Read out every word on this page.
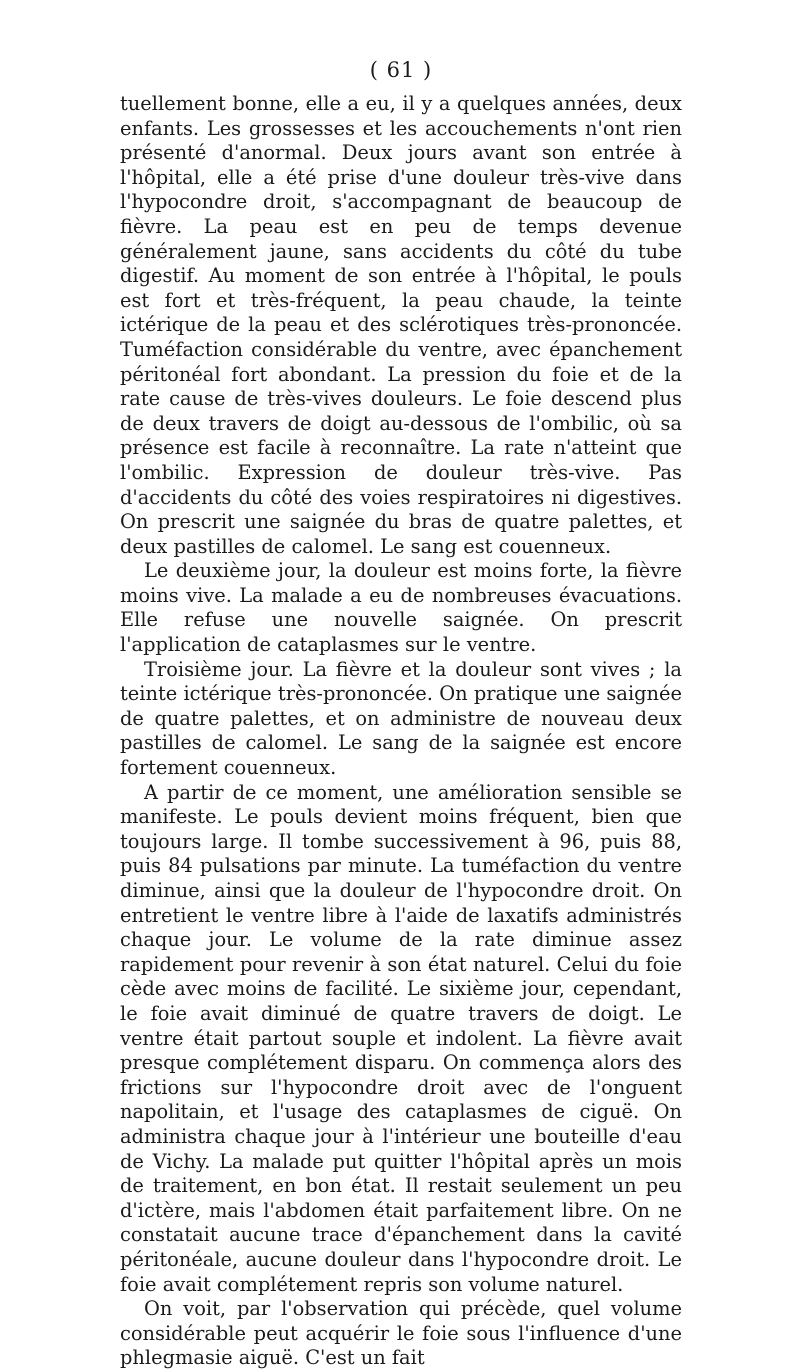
( 61 )

tuellement bonne, elle a eu, il y a quelques années, deux enfants. Les grossesses et les accouchements n'ont rien présenté d'anormal. Deux jours avant son entrée à l'hôpital, elle a été prise d'une douleur très-vive dans l'hypocondre droit, s'accompagnant de beaucoup de fièvre. La peau est en peu de temps devenue généralement jaune, sans accidents du côté du tube digestif. Au moment de son entrée à l'hôpital, le pouls est fort et très-fréquent, la peau chaude, la teinte ictérique de la peau et des sclérotiques très-prononcée. Tuméfaction considérable du ventre, avec épanchement péritonéal fort abondant. La pression du foie et de la rate cause de très-vives douleurs. Le foie descend plus de deux travers de doigt au-dessous de l'ombilic, où sa présence est facile à reconnaître. La rate n'atteint que l'ombilic. Expression de douleur très-vive. Pas d'accidents du côté des voies respiratoires ni digestives. On prescrit une saignée du bras de quatre palettes, et deux pastilles de calomel. Le sang est couenneux.

Le deuxième jour, la douleur est moins forte, la fièvre moins vive. La malade a eu de nombreuses évacuations. Elle refuse une nouvelle saignée. On prescrit l'application de cataplasmes sur le ventre.

Troisième jour. La fièvre et la douleur sont vives ; la teinte ictérique très-prononcée. On pratique une saignée de quatre palettes, et on administre de nouveau deux pastilles de calomel. Le sang de la saignée est encore fortement couenneux.

A partir de ce moment, une amélioration sensible se manifeste. Le pouls devient moins fréquent, bien que toujours large. Il tombe successivement à 96, puis 88, puis 84 pulsations par minute. La tuméfaction du ventre diminue, ainsi que la douleur de l'hypocondre droit. On entretient le ventre libre à l'aide de laxatifs administrés chaque jour. Le volume de la rate diminue assez rapidement pour revenir à son état naturel. Celui du foie cède avec moins de facilité. Le sixième jour, cependant, le foie avait diminué de quatre travers de doigt. Le ventre était partout souple et indolent. La fièvre avait presque complétement disparu. On commença alors des frictions sur l'hypocondre droit avec de l'onguent napolitain, et l'usage des cataplasmes de ciguë. On administra chaque jour à l'intérieur une bouteille d'eau de Vichy. La malade put quitter l'hôpital après un mois de traitement, en bon état. Il restait seulement un peu d'ictère, mais l'abdomen était parfaitement libre. On ne constatait aucune trace d'épanchement dans la cavité péritonéale, aucune douleur dans l'hypocondre droit. Le foie avait complétement repris son volume naturel.

On voit, par l'observation qui précède, quel volume considérable peut acquérir le foie sous l'influence d'une phlegmasie aiguë. C'est un fait
